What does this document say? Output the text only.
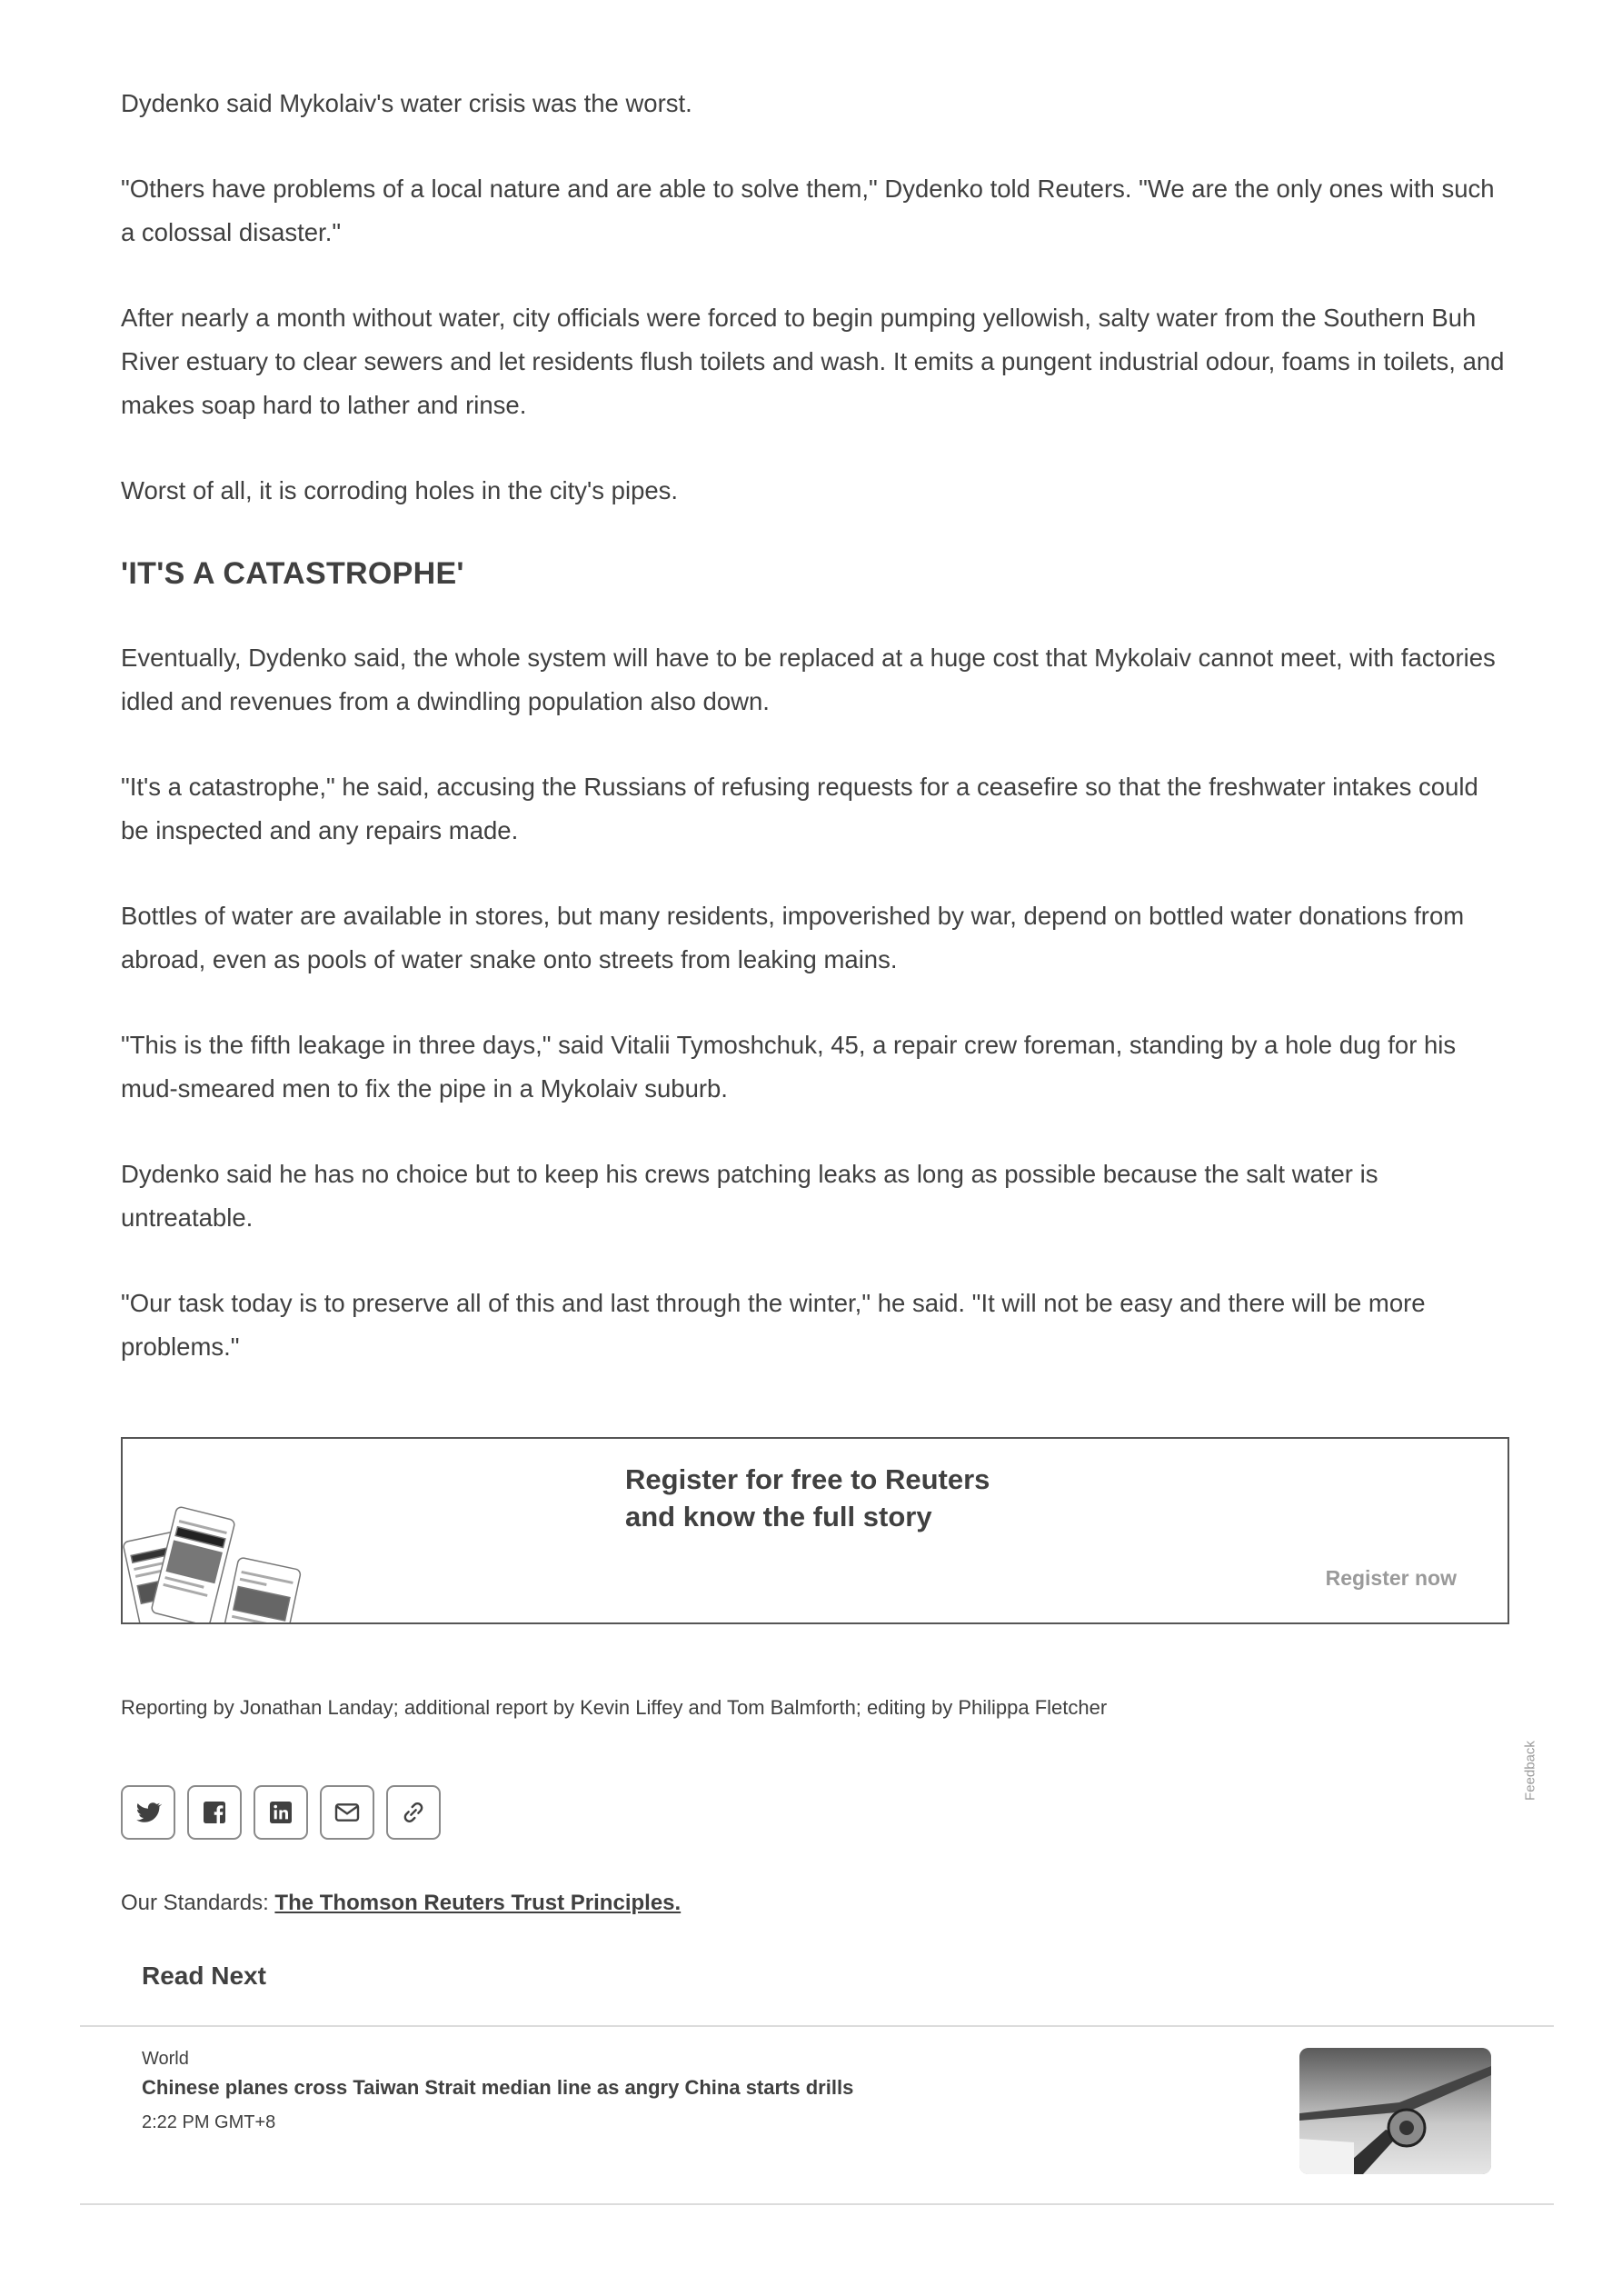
Dydenko said Mykolaiv's water crisis was the worst.

"Others have problems of a local nature and are able to solve them," Dydenko told Reuters. "We are the only ones with such a colossal disaster."

After nearly a month without water, city officials were forced to begin pumping yellowish, salty water from the Southern Buh River estuary to clear sewers and let residents flush toilets and wash. It emits a pungent industrial odour, foams in toilets, and makes soap hard to lather and rinse.

Worst of all, it is corroding holes in the city's pipes.

'IT'S A CATASTROPHE'

Eventually, Dydenko said, the whole system will have to be replaced at a huge cost that Mykolaiv cannot meet, with factories idled and revenues from a dwindling population also down.

"It's a catastrophe," he said, accusing the Russians of refusing requests for a ceasefire so that the freshwater intakes could be inspected and any repairs made.

Bottles of water are available in stores, but many residents, impoverished by war, depend on bottled water donations from abroad, even as pools of water snake onto streets from leaking mains.

"This is the fifth leakage in three days," said Vitalii Tymoshchuk, 45, a repair crew foreman, standing by a hole dug for his mud-smeared men to fix the pipe in a Mykolaiv suburb.

Dydenko said he has no choice but to keep his crews patching leaks as long as possible because the salt water is untreatable.

"Our task today is to preserve all of this and last through the winter," he said. "It will not be easy and there will be more problems."

Register for free to Reuters
and know the full story
Register now
Reporting by Jonathan Landay; additional report by Kevin Liffey and Tom Balmforth; editing by Philippa Fletcher
Feedback
Our Standards: The Thomson Reuters Trust Principles.
Read Next
World
Chinese planes cross Taiwan Strait median line as angry China starts drills
2:22 PM GMT+8
